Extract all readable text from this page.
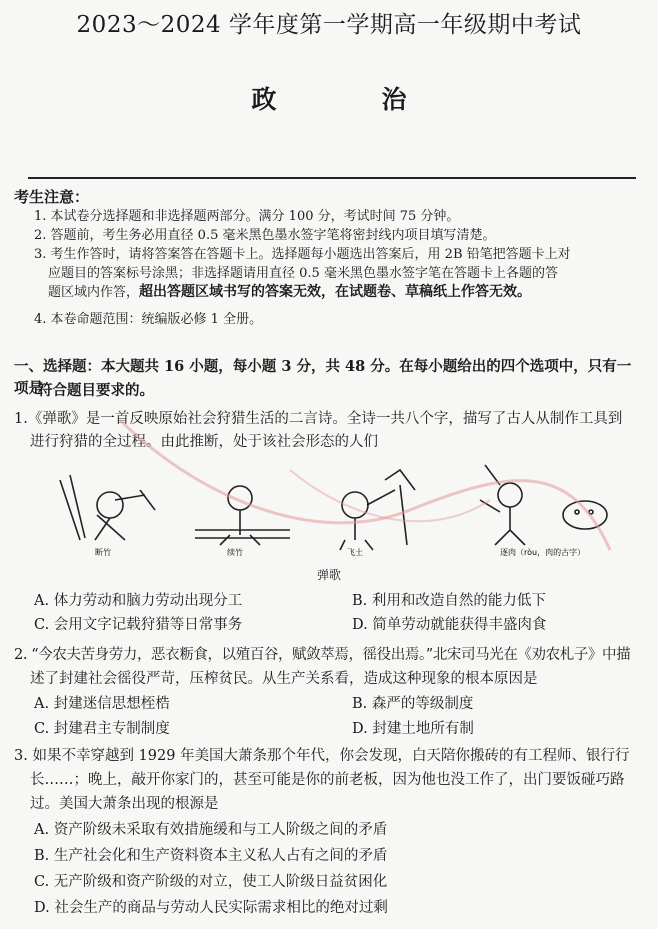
2023～2024 学年度第一学期高一年级期中考试
政　治
考生注意：
1. 本试卷分选择题和非选择题两部分。满分 100 分，考试时间 75 分钟。
2. 答题前，考生务必用直径 0.5 毫米黑色墨水签字笔将密封线内项目填写清楚。
3. 考生作答时，请将答案答在答题卡上。选择题每小题选出答案后，用 2B 铅笔把答题卡上对
应题目的答案标号涂黑；非选择题请用直径 0.5 毫米黑色墨水签字笔在答题卡上各题的答
题区域内作答，超出答题区域书写的答案无效，在试题卷、草稿纸上作答无效。
4. 本卷命题范围：统编版必修 1 全册。
一、选择题：本大题共 16 小题，每小题 3 分，共 48 分。在每小题给出的四个选项中，只有一项是
符合题目要求的。
1.《弹歌》是一首反映原始社会狩猎生活的二言诗。全诗一共八个字，描写了古人从制作工具到
进行狩猎的全过程。由此推断，处于该社会形态的人们
断竹	续竹	飞土	逐肉（ròu，肉的古字）
弹歌
A. 体力劳动和脑力劳动出现分工	B. 利用和改造自然的能力低下
C. 会用文字记载狩猎等日常事务	D. 简单劳动就能获得丰盛肉食
2. “今农夫苦身劳力，恶衣粝食，以殖百谷，赋敛萃焉，徭役出焉。”北宋司马光在《劝农札子》中描
述了封建社会徭役严苛，压榨贫民。从生产关系看，造成这种现象的根本原因是
A. 封建迷信思想桎梏	B. 森严的等级制度
C. 封建君主专制制度	D. 封建土地所有制
3. 如果不幸穿越到 1929 年美国大萧条那个年代，你会发现，白天陪你搬砖的有工程师、银行行
长……；晚上，敲开你家门的，甚至可能是你的前老板，因为他也没工作了，出门要饭碰巧路
过。美国大萧条出现的根源是
A. 资产阶级未采取有效措施缓和与工人阶级之间的矛盾
B. 生产社会化和生产资料资本主义私人占有之间的矛盾
C. 无产阶级和资产阶级的对立，使工人阶级日益贫困化
D. 社会生产的商品与劳动人民实际需求相比的绝对过剩
